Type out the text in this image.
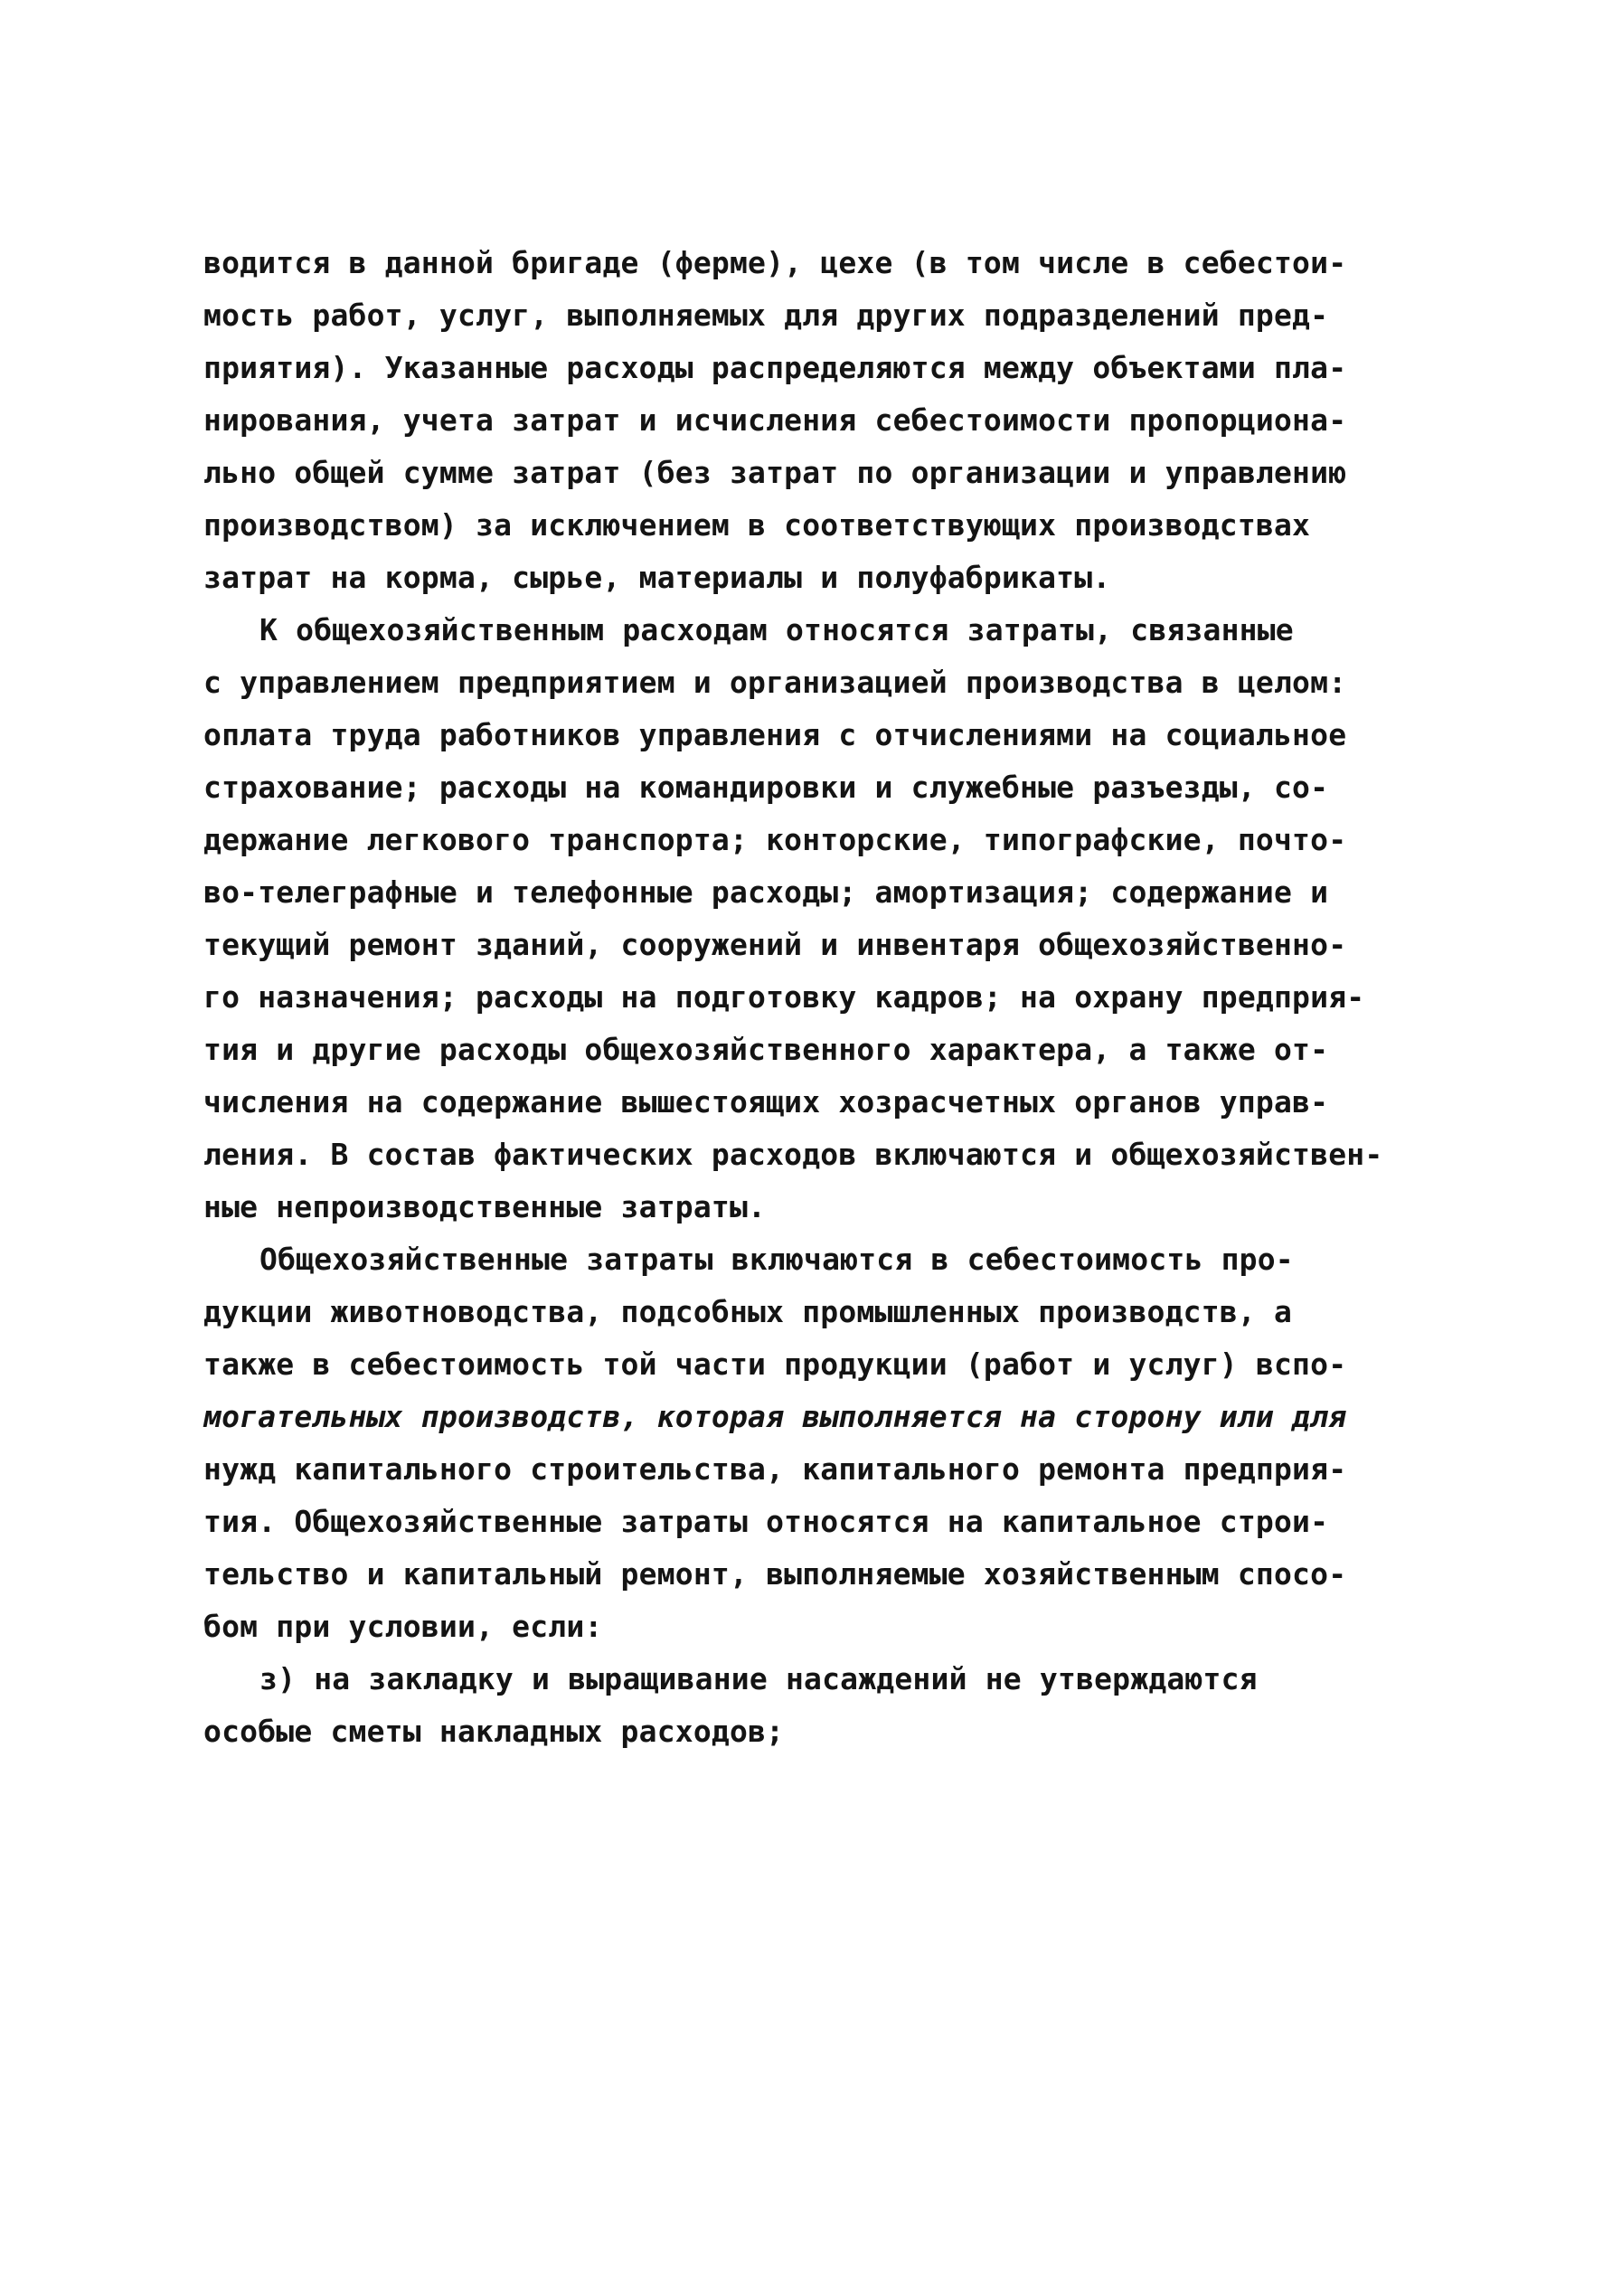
водится в данной бригаде (ферме), цехе (в том числе в себестои-
мость работ, услуг, выполняемых для других подразделений пред-
приятия). Указанные расходы распределяются между объектами пла-
нирования, учета затрат и исчисления себестоимости пропорциона-
льно общей сумме затрат (без затрат по организации и управлению
производством) за исключением в соответствующих производствах
затрат на корма, сырье, материалы и полуфабрикаты.
К общехозяйственным расходам относятся затраты, связанные
с управлением предприятием и организацией производства в целом:
оплата труда работников управления с отчислениями на социальное
страхование; расходы на командировки и служебные разъезды, со-
держание легкового транспорта; конторские, типографские, почто-
во-телеграфные и телефонные расходы; амортизация; содержание и
текущий ремонт зданий, сооружений и инвентаря общехозяйственно-
го назначения; расходы на подготовку кадров; на охрану предприя-
тия и другие расходы общехозяйственного характера, а также от-
числения на содержание вышестоящих хозрасчетных органов управ-
ления. В состав фактических расходов включаются и общехозяйствен-
ные непроизводственные затраты.
Общехозяйственные затраты включаются в себестоимость про-
дукции животноводства, подсобных промышленных производств, а
также в себестоимость той части продукции (работ и услуг) вспо-
могательных производств, которая выполняется на сторону или для
нужд капитального строительства, капитального ремонта предприя-
тия. Общехозяйственные затраты относятся на капитальное строи-
тельство и капитальный ремонт, выполняемые хозяйственным спосо-
бом при условии, если:
з) на закладку и выращивание насаждений не утверждаются
особые сметы накладных расходов;
